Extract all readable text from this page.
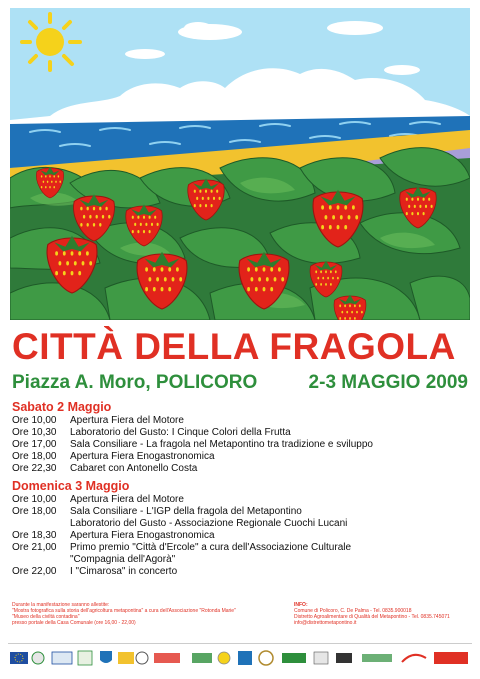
CITTÀ DELLA FRAGOLA
Piazza A. Moro, POLICORO	2-3 MAGGIO 2009
Sabato 2 Maggio
Ore 10,00	Apertura Fiera del Motore
Ore 10,30	Laboratorio del Gusto: I Cinque Colori della Frutta
Ore 17,00	Sala Consiliare - La fragola nel Metapontino tra tradizione e sviluppo
Ore 18,00	Apertura Fiera Enogastronomica
Ore 22,30	Cabaret con Antonello Costa
Domenica 3 Maggio
Ore 10,00	Apertura Fiera del Motore
Ore 18,00	Sala Consiliare - L'IGP della fragola del Metapontino
Laboratorio del Gusto - Associazione Regionale Cuochi Lucani
Ore 18,30	Apertura Fiera Enogastronomica
Ore 21,00	Primo premio "Città d'Ercole" a cura dell'Associazione Culturale
"Compagnia dell'Agorà"
Ore 22,00	I "Cimarosa" in concerto
Durante la manifestazione saranno allestite:
"Mostra fotografica sulla storia dell'agricoltura metapontina" a cura dell'Associazione "Rotonda Marie"
"Museo della civiltà contadina"
presso portale della Casa Comunale (ore 16,00 - 22,00)
INFO:
Comune di Policoro, C. De Palma - Tel. 0835.900018
Distretto Agroalimentare di Qualità del Metapontino - Tel. 0835.745071
info@distrettometapontino.it
